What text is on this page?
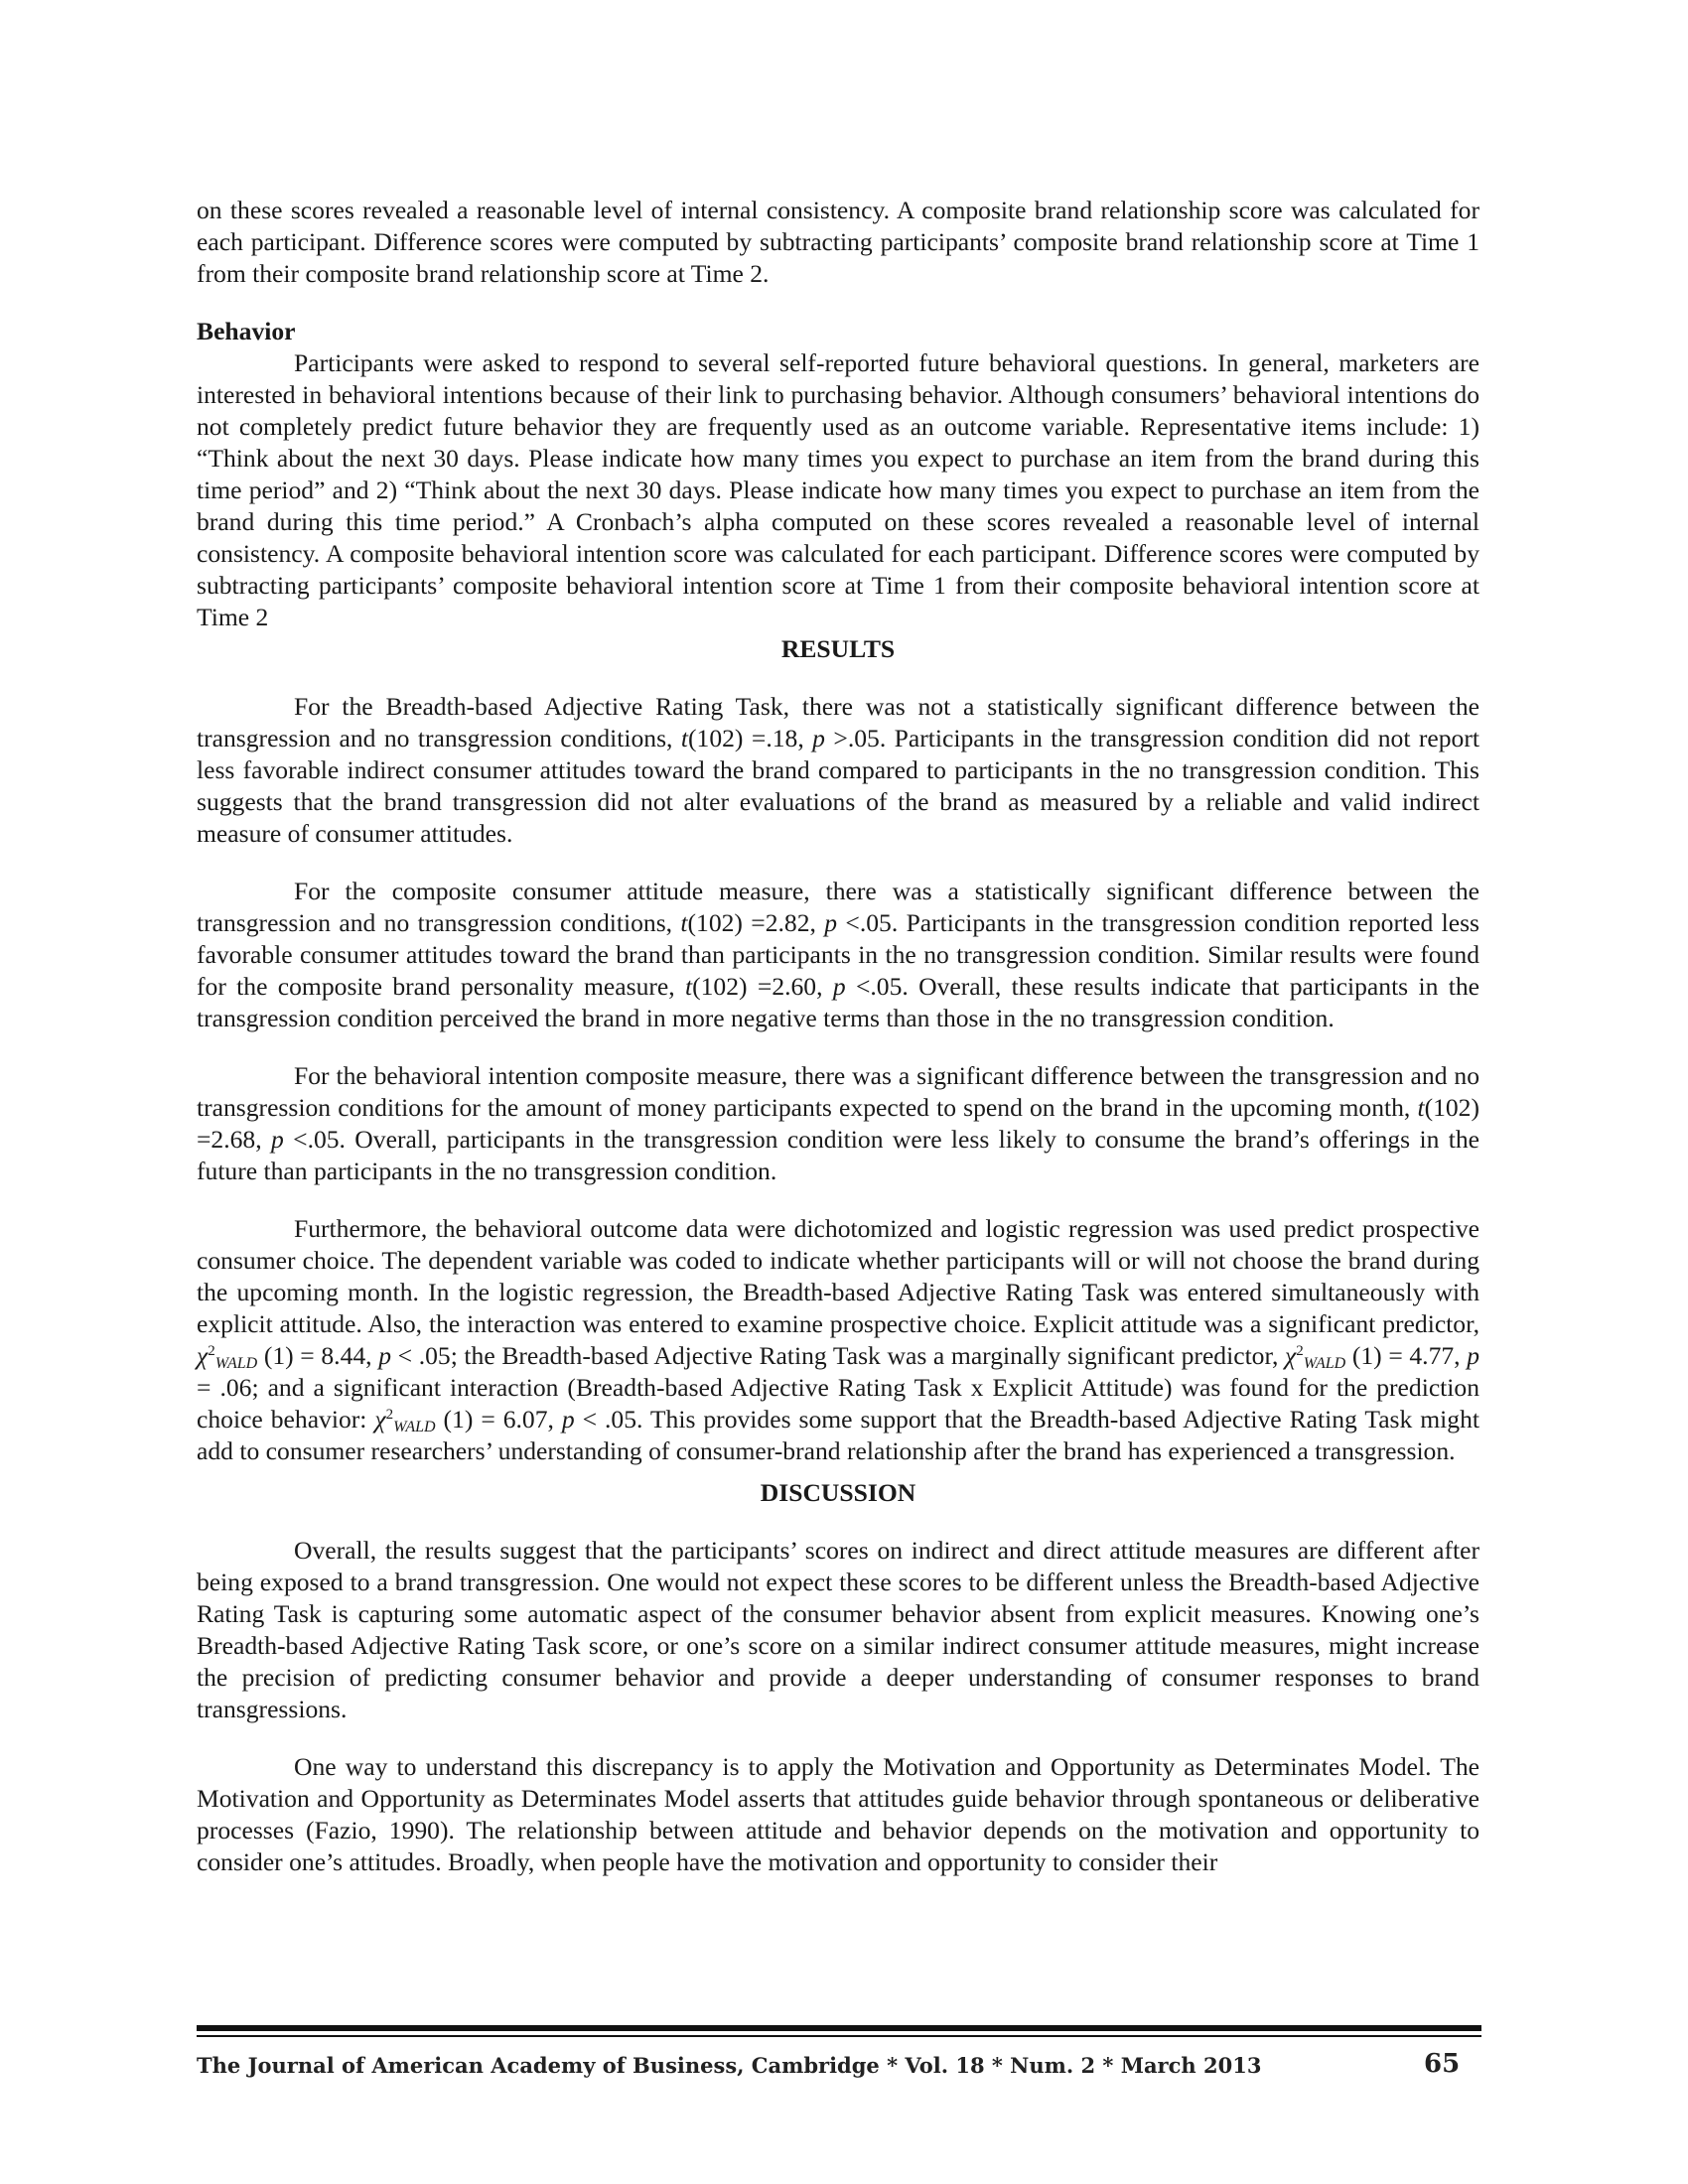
on these scores revealed a reasonable level of internal consistency. A composite brand relationship score was calculated for each participant. Difference scores were computed by subtracting participants’ composite brand relationship score at Time 1 from their composite brand relationship score at Time 2.

Behavior

Participants were asked to respond to several self-reported future behavioral questions. In general, marketers are interested in behavioral intentions because of their link to purchasing behavior. Although consumers’ behavioral intentions do not completely predict future behavior they are frequently used as an outcome variable. Representative items include: 1) “Think about the next 30 days. Please indicate how many times you expect to purchase an item from the brand during this time period” and 2) “Think about the next 30 days. Please indicate how many times you expect to purchase an item from the brand during this time period.” A Cronbach’s alpha computed on these scores revealed a reasonable level of internal consistency. A composite behavioral intention score was calculated for each participant. Difference scores were computed by subtracting participants’ composite behavioral intention score at Time 1 from their composite behavioral intention score at Time 2

RESULTS

For the Breadth-based Adjective Rating Task, there was not a statistically significant difference between the transgression and no transgression conditions, t(102) =.18, p >.05. Participants in the transgression condition did not report less favorable indirect consumer attitudes toward the brand compared to participants in the no transgression condition. This suggests that the brand transgression did not alter evaluations of the brand as measured by a reliable and valid indirect measure of consumer attitudes.

For the composite consumer attitude measure, there was a statistically significant difference between the transgression and no transgression conditions, t(102) =2.82, p <.05. Participants in the transgression condition reported less favorable consumer attitudes toward the brand than participants in the no transgression condition. Similar results were found for the composite brand personality measure, t(102) =2.60, p <.05. Overall, these results indicate that participants in the transgression condition perceived the brand in more negative terms than those in the no transgression condition.

For the behavioral intention composite measure, there was a significant difference between the transgression and no transgression conditions for the amount of money participants expected to spend on the brand in the upcoming month, t(102) =2.68, p <.05. Overall, participants in the transgression condition were less likely to consume the brand’s offerings in the future than participants in the no transgression condition.

Furthermore, the behavioral outcome data were dichotomized and logistic regression was used predict prospective consumer choice. The dependent variable was coded to indicate whether participants will or will not choose the brand during the upcoming month. In the logistic regression, the Breadth-based Adjective Rating Task was entered simultaneously with explicit attitude. Also, the interaction was entered to examine prospective choice. Explicit attitude was a significant predictor, $\chi^2_{WALD}$ (1) = 8.44, p < .05; the Breadth-based Adjective Rating Task was a marginally significant predictor, $\chi^2_{WALD}$ (1) = 4.77, p = .06; and a significant interaction (Breadth-based Adjective Rating Task x Explicit Attitude) was found for the prediction choice behavior: $\chi^2_{WALD}$ (1) = 6.07, p < .05. This provides some support that the Breadth-based Adjective Rating Task might add to consumer researchers’ understanding of consumer-brand relationship after the brand has experienced a transgression.

DISCUSSION

Overall, the results suggest that the participants’ scores on indirect and direct attitude measures are different after being exposed to a brand transgression. One would not expect these scores to be different unless the Breadth-based Adjective Rating Task is capturing some automatic aspect of the consumer behavior absent from explicit measures. Knowing one’s Breadth-based Adjective Rating Task score, or one’s score on a similar indirect consumer attitude measures, might increase the precision of predicting consumer behavior and provide a deeper understanding of consumer responses to brand transgressions.

One way to understand this discrepancy is to apply the Motivation and Opportunity as Determinates Model. The Motivation and Opportunity as Determinates Model asserts that attitudes guide behavior through spontaneous or deliberative processes (Fazio, 1990). The relationship between attitude and behavior depends on the motivation and opportunity to consider one’s attitudes. Broadly, when people have the motivation and opportunity to consider their

The Journal of American Academy of Business, Cambridge * Vol. 18 * Num. 2 * March 2013	65
